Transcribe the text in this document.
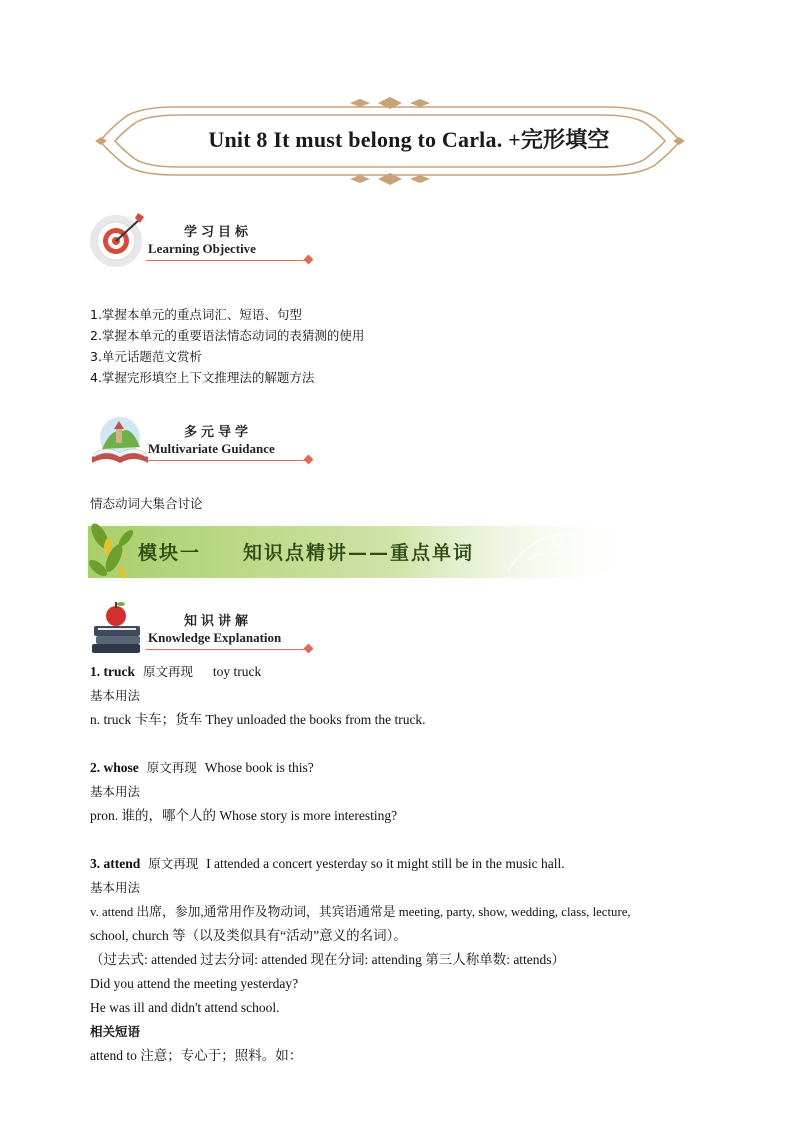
Unit 8 It must belong to Carla. +完形填空
学习目标
Learning Objective
1.掌握本单元的重点词汇、短语、句型
2.掌握本单元的重要语法情态动词的表猜测的使用
3.单元话题范文赏析
4.掌握完形填空上下文推理法的解题方法
多元导学
Multivariate Guidance
情态动词大集合讨论
模块一　　知识点精讲——重点单词
知识讲解
Knowledge Explanation
1. truck 原文再现 toy truck
基本用法
n. truck 卡车；货车 They unloaded the books from the truck.
2. whose 原文再现 Whose book is this?
基本用法
pron. 谁的，哪个人的 Whose story is more interesting?
3. attend 原文再现 I attended a concert yesterday so it might still be in the music hall.
基本用法
v. attend 出席，参加,通常用作及物动词，其宾语通常是 meeting, party, show, wedding, class, lecture,
school, church 等（以及类似具有“活动”意义的名词）。
（过去式: attended 过去分词: attended 现在分词: attending 第三人称单数: attends）
Did you attend the meeting yesterday?
He was ill and didn't attend school.
相关短语
attend to 注意；专心于；照料。如：
